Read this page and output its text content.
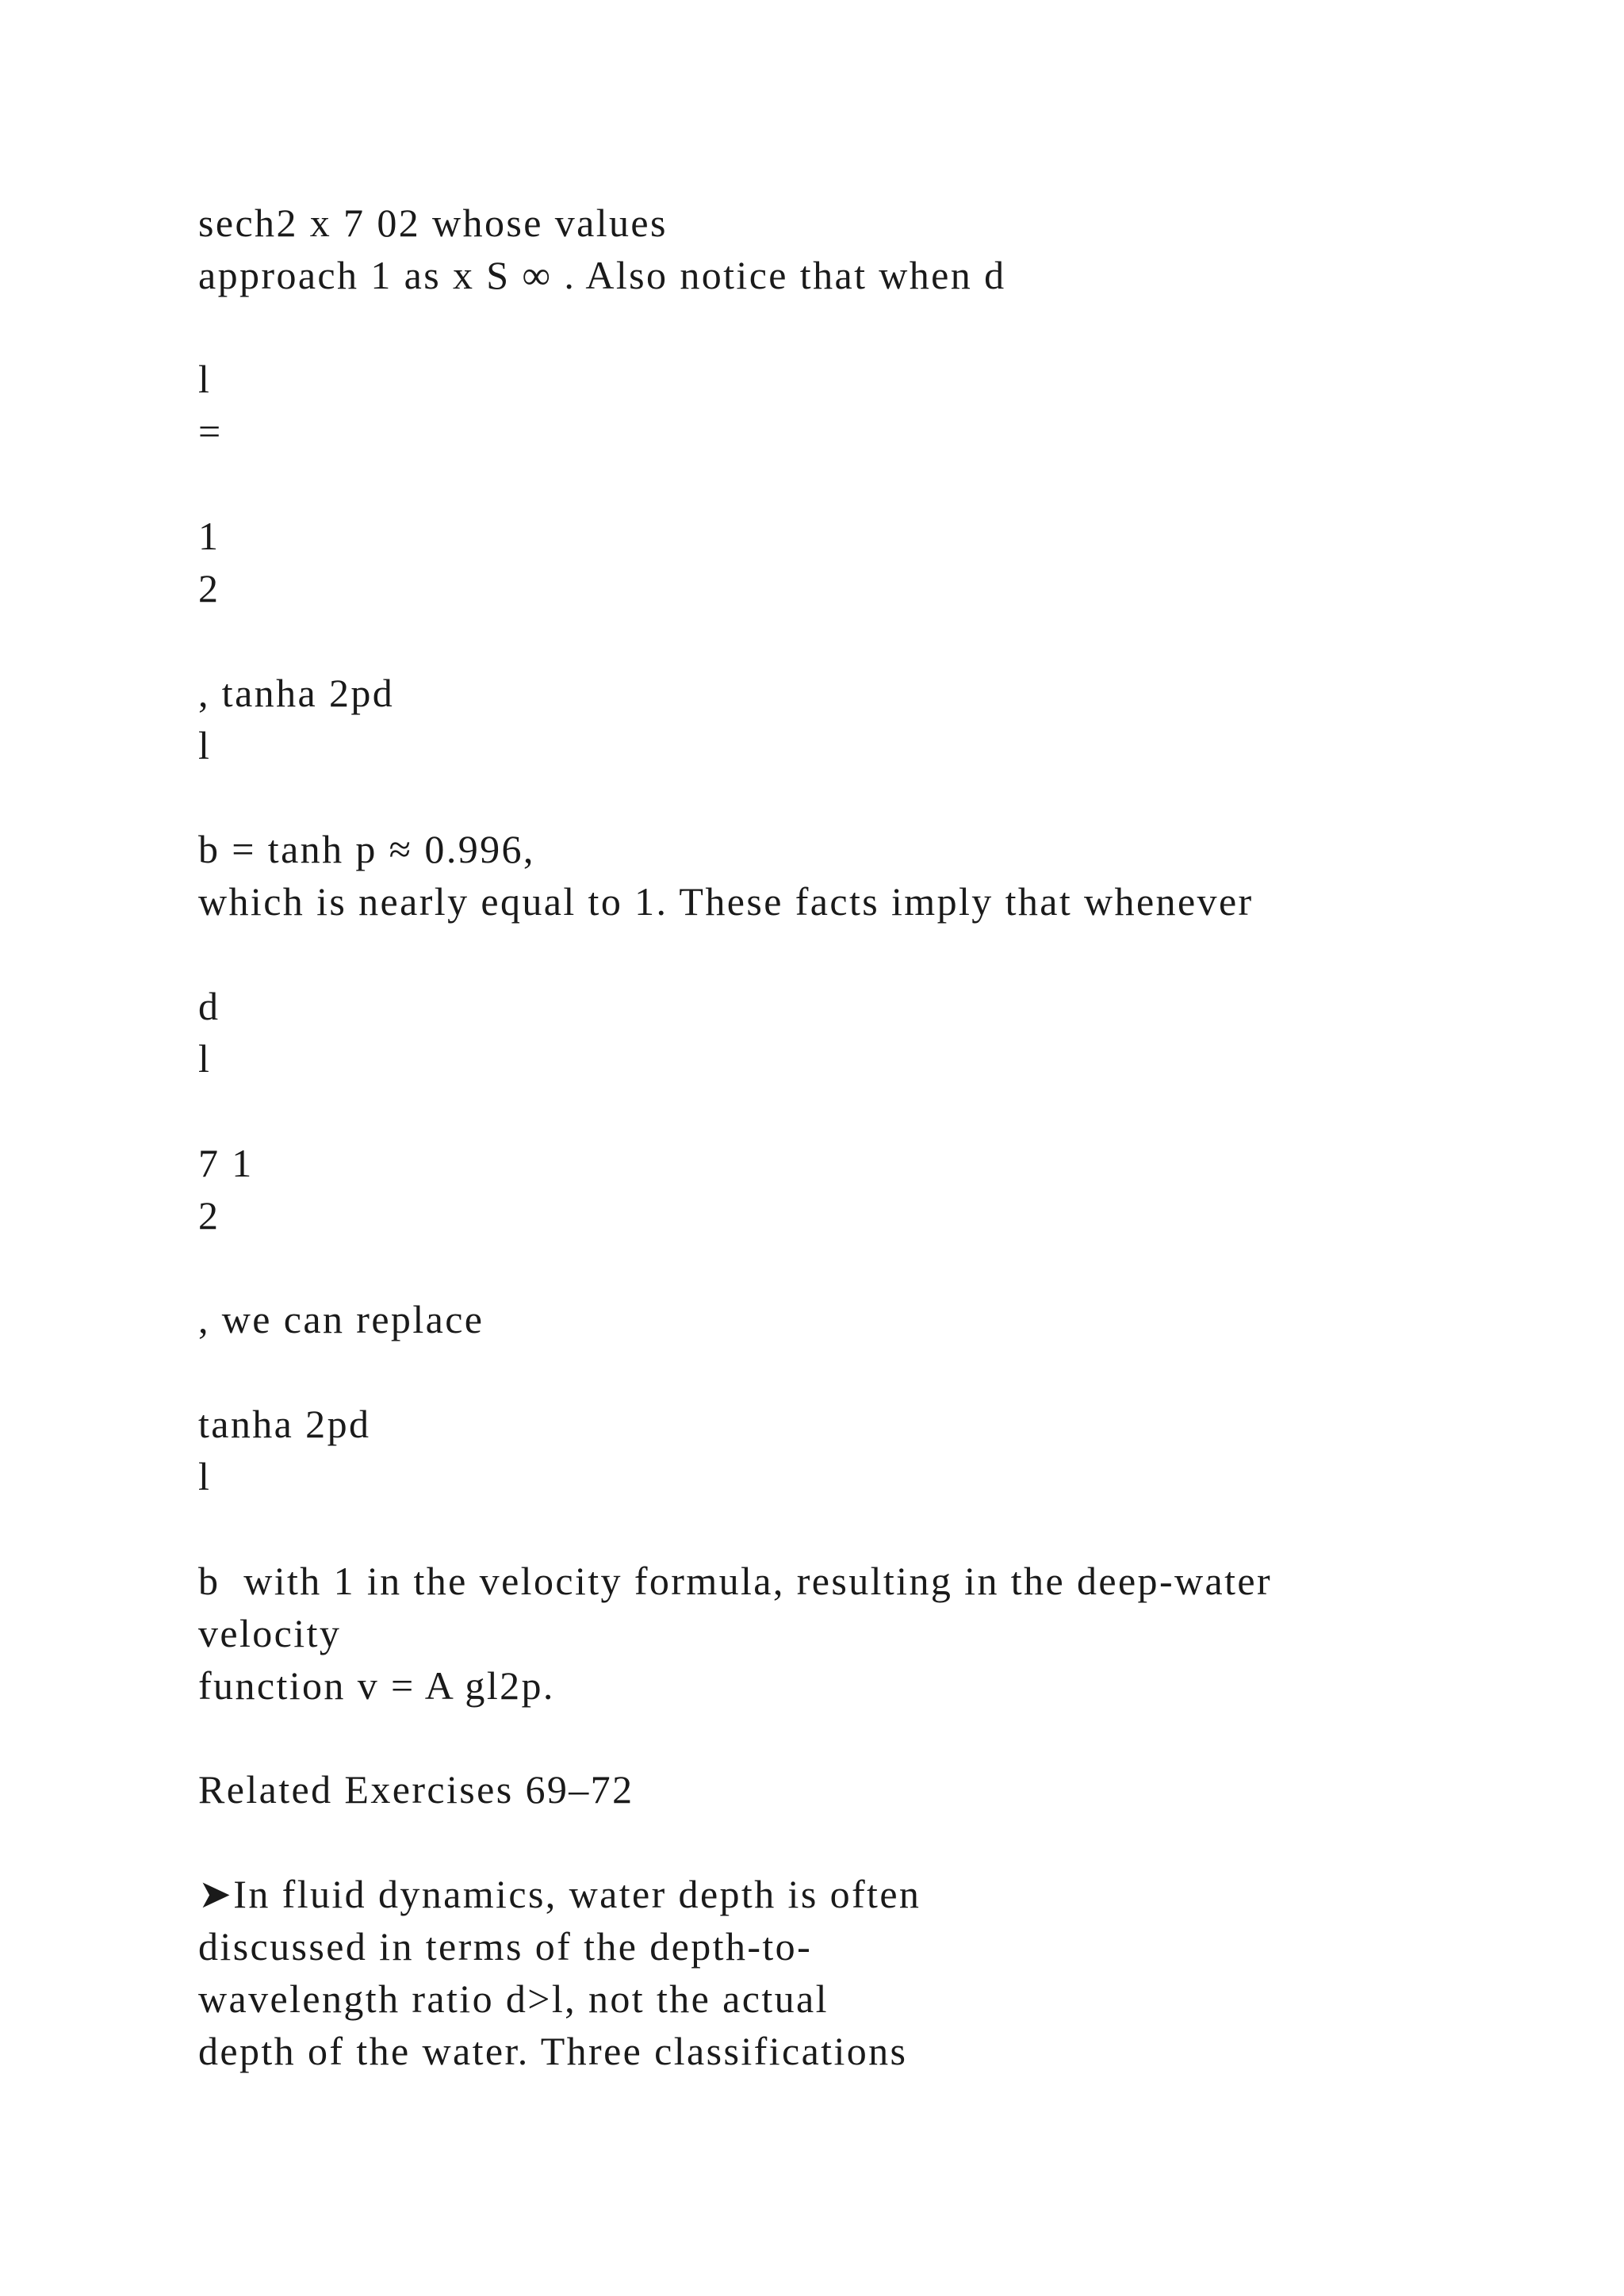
sech2 x 7 02 whose values
approach 1 as x S ∞ . Also notice that when d
l
=
1
2
, tanha 2pd
l
b = tanh p ≈ 0.996,
which is nearly equal to 1. These facts imply that whenever
d
l
7 1
2
, we can replace
tanha 2pd
l
b  with 1 in the velocity formula, resulting in the deep-water
velocity
function v = A gl2p.
Related Exercises 69–72
➤In fluid dynamics, water depth is often
discussed in terms of the depth-to-
wavelength ratio d>l, not the actual
depth of the water. Three classifications
